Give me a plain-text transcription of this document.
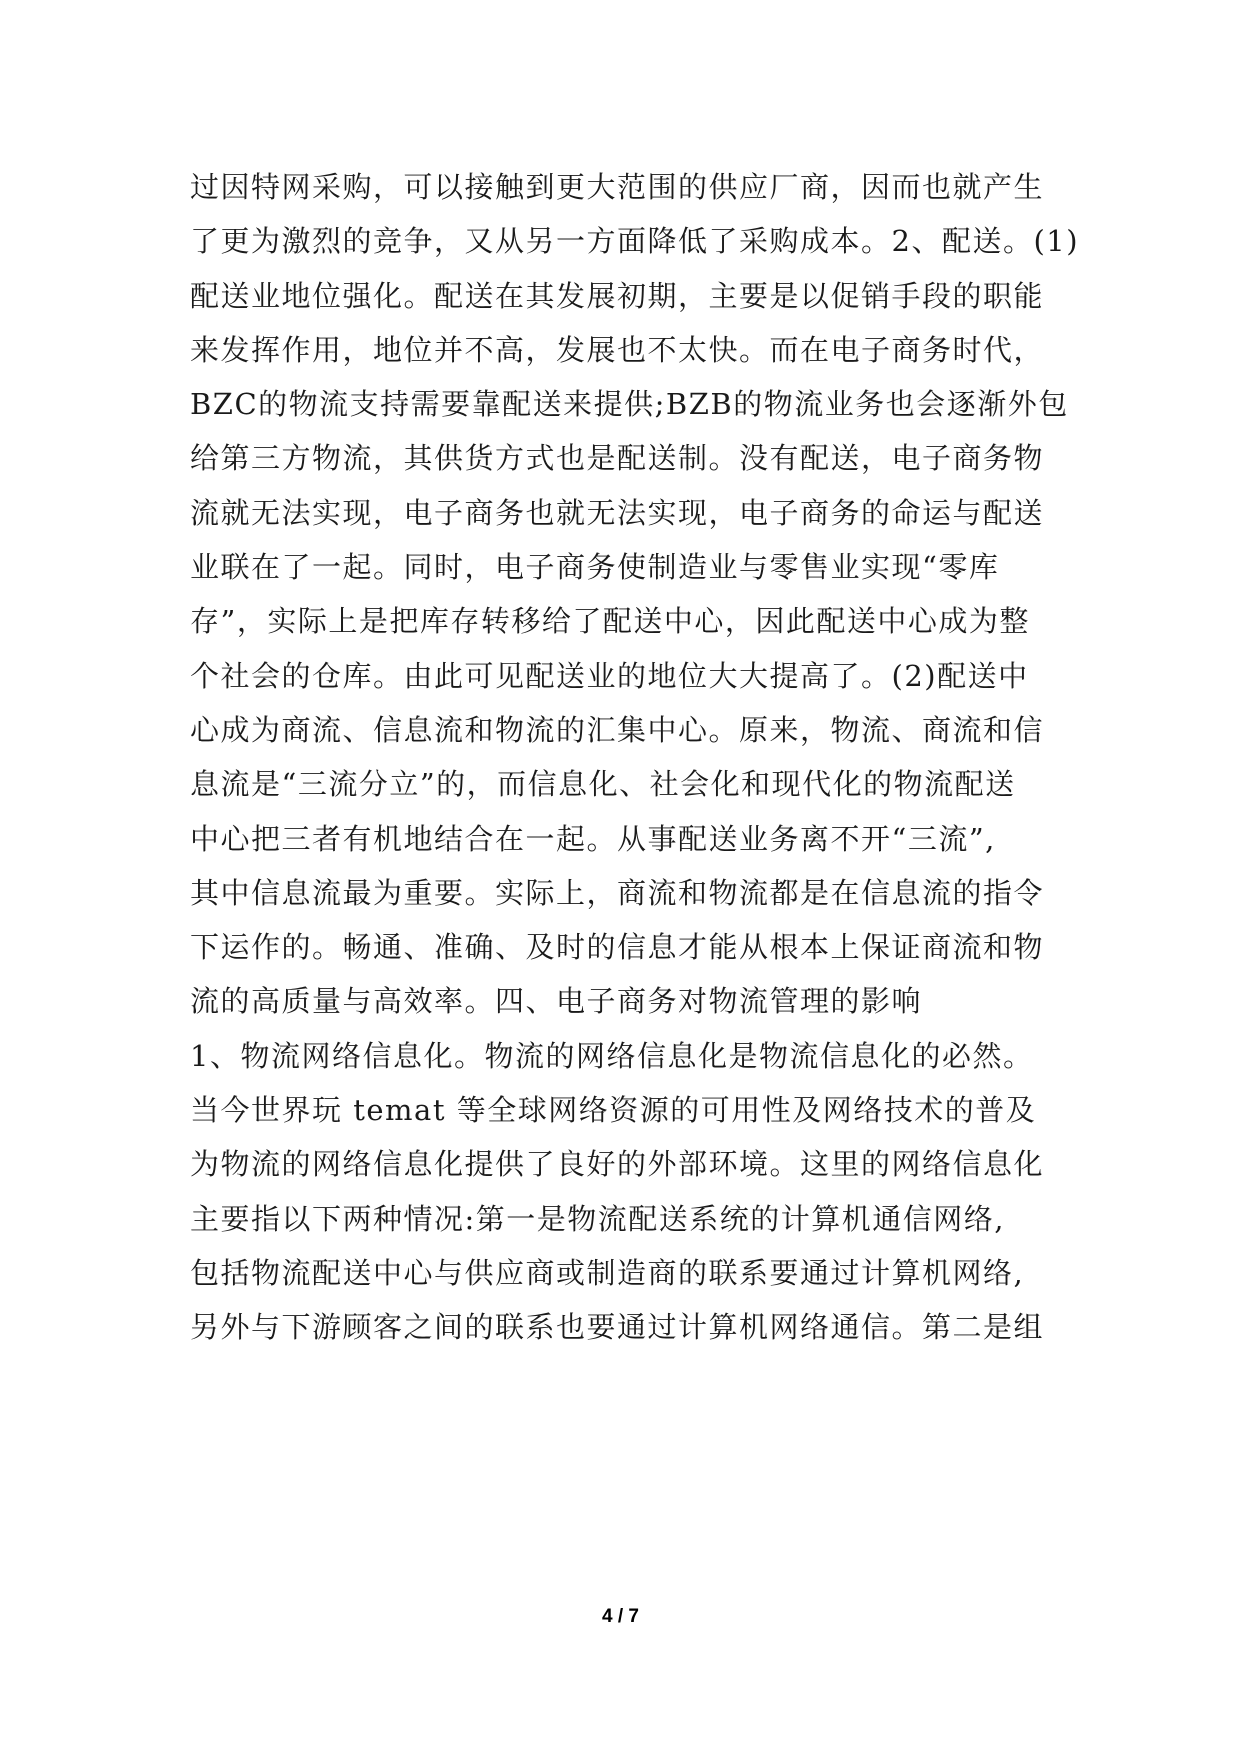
过因特网采购，可以接触到更大范围的供应厂商，因而也就产生
了更为激烈的竞争，又从另一方面降低了采购成本。2、配送。(1)
配送业地位强化。配送在其发展初期，主要是以促销手段的职能
来发挥作用，地位并不高，发展也不太快。而在电子商务时代，
BZC的物流支持需要靠配送来提供;BZB的物流业务也会逐渐外包
给第三方物流，其供货方式也是配送制。没有配送，电子商务物
流就无法实现，电子商务也就无法实现，电子商务的命运与配送
业联在了一起。同时，电子商务使制造业与零售业实现“零库
存”，实际上是把库存转移给了配送中心，因此配送中心成为整
个社会的仓库。由此可见配送业的地位大大提高了。(2)配送中
心成为商流、信息流和物流的汇集中心。原来，物流、商流和信
息流是“三流分立”的，而信息化、社会化和现代化的物流配送
中心把三者有机地结合在一起。从事配送业务离不开“三流”,
其中信息流最为重要。实际上，商流和物流都是在信息流的指令
下运作的。畅通、准确、及时的信息才能从根本上保证商流和物
流的高质量与高效率。四、电子商务对物流管理的影响
1、物流网络信息化。物流的网络信息化是物流信息化的必然。
当今世界玩 temat 等全球网络资源的可用性及网络技术的普及
为物流的网络信息化提供了良好的外部环境。这里的网络信息化
主要指以下两种情况:第一是物流配送系统的计算机通信网络,
包括物流配送中心与供应商或制造商的联系要通过计算机网络,
另外与下游顾客之间的联系也要通过计算机网络通信。第二是组
4 / 7
